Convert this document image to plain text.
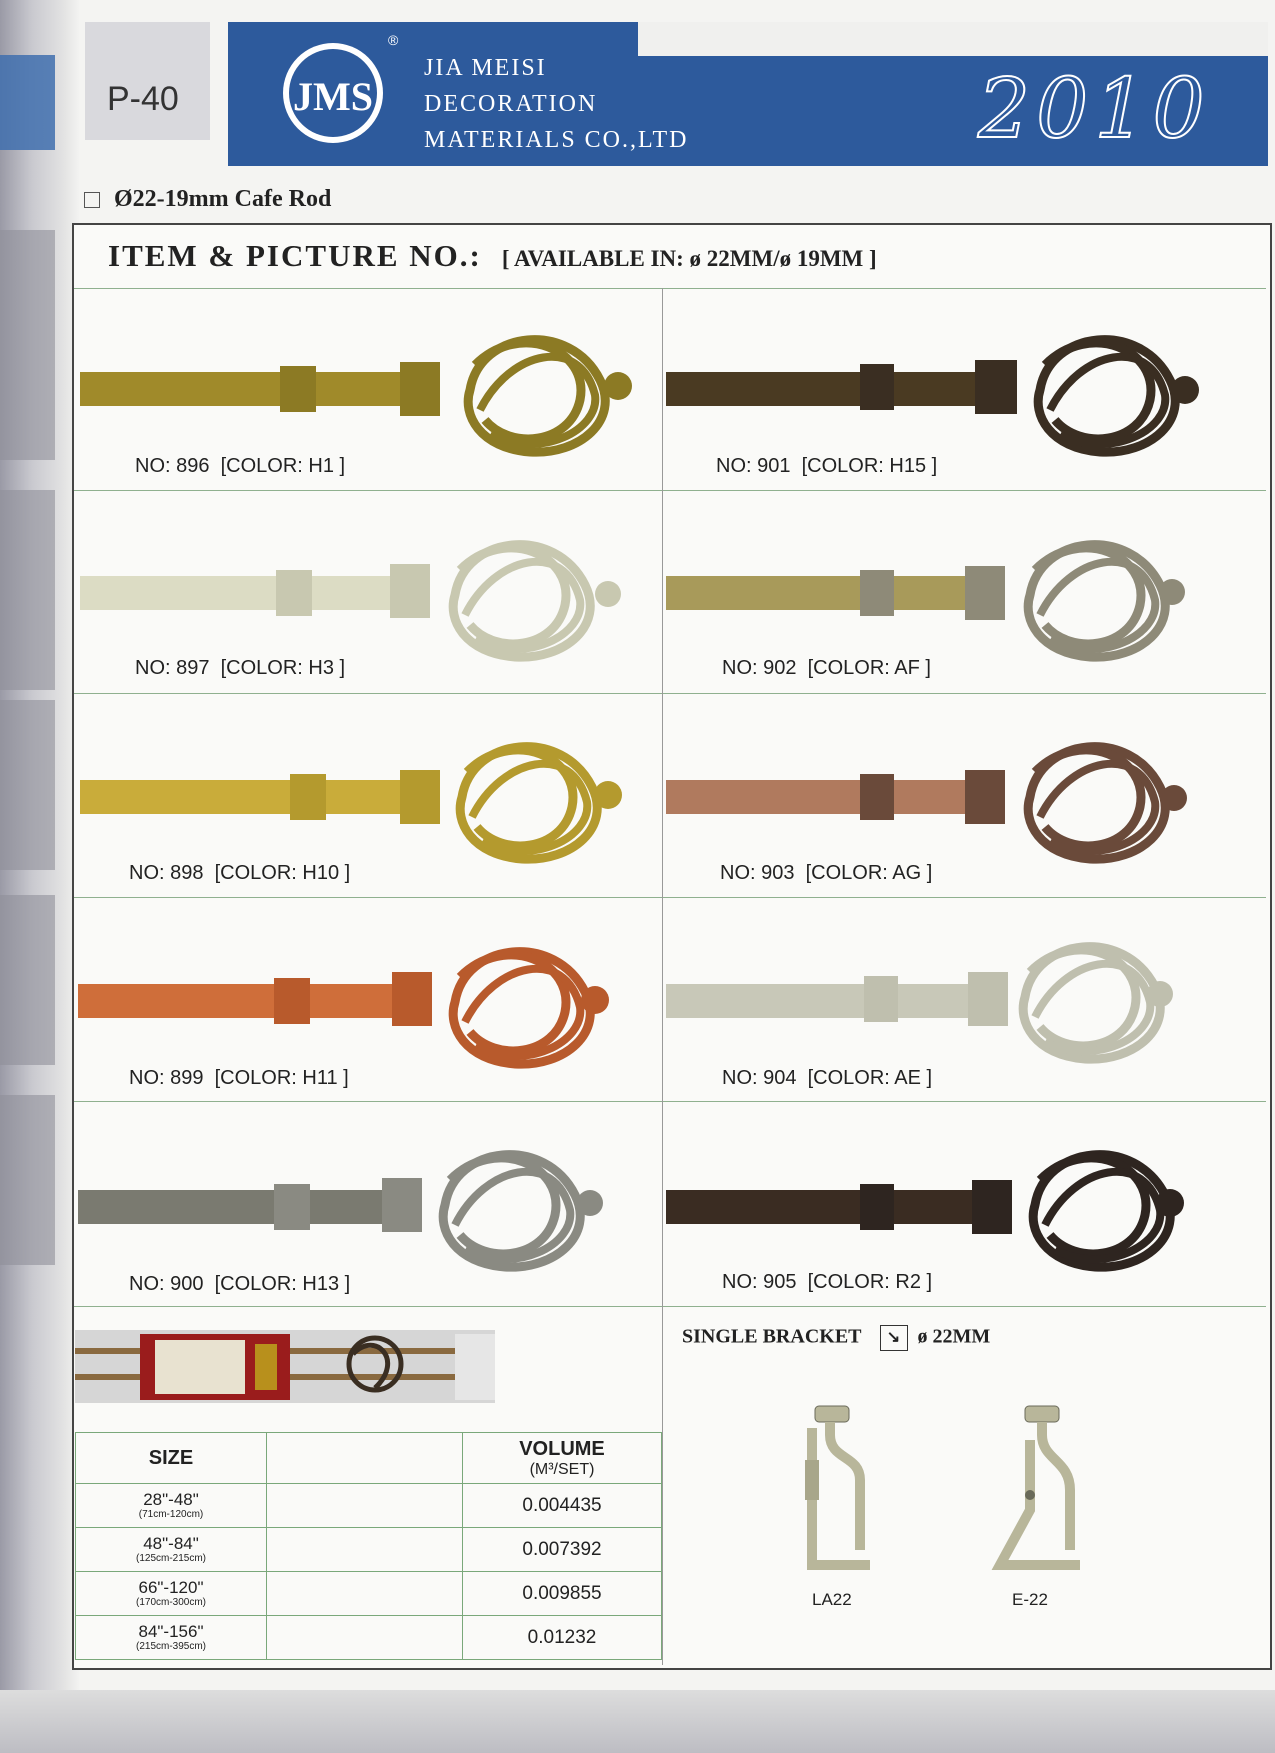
P-40	JMS
®
JIA MEISI
DECORATION
MATERIALS CO.,LTD	2010
Ø22-19mm Cafe Rod
ITEM & PICTURE NO.: [ AVAILABLE IN: ø 22MM/ø 19MM ]
NO: 896 [COLOR: H1 ]	NO: 901 [COLOR: H15 ]
NO: 897 [COLOR: H3 ]	NO: 902 [COLOR: AF ]
NO: 898 [COLOR: H10 ]	NO: 903 [COLOR: AG ]
NO: 899 [COLOR: H11 ]	NO: 904 [COLOR: AE ]
NO: 900 [COLOR: H13 ]	NO: 905 [COLOR: R2 ]
SIZE		VOLUME
(M³/SET)

28"-48"
(71cm-120cm)		0.004435
48"-84"
(125cm-215cm)		0.007392
66"-120"
(170cm-300cm)		0.009855
84"-156"
(215cm-395cm)		0.01232
SINGLE BRACKET ↘ ø 22MM
LA22	E-22
